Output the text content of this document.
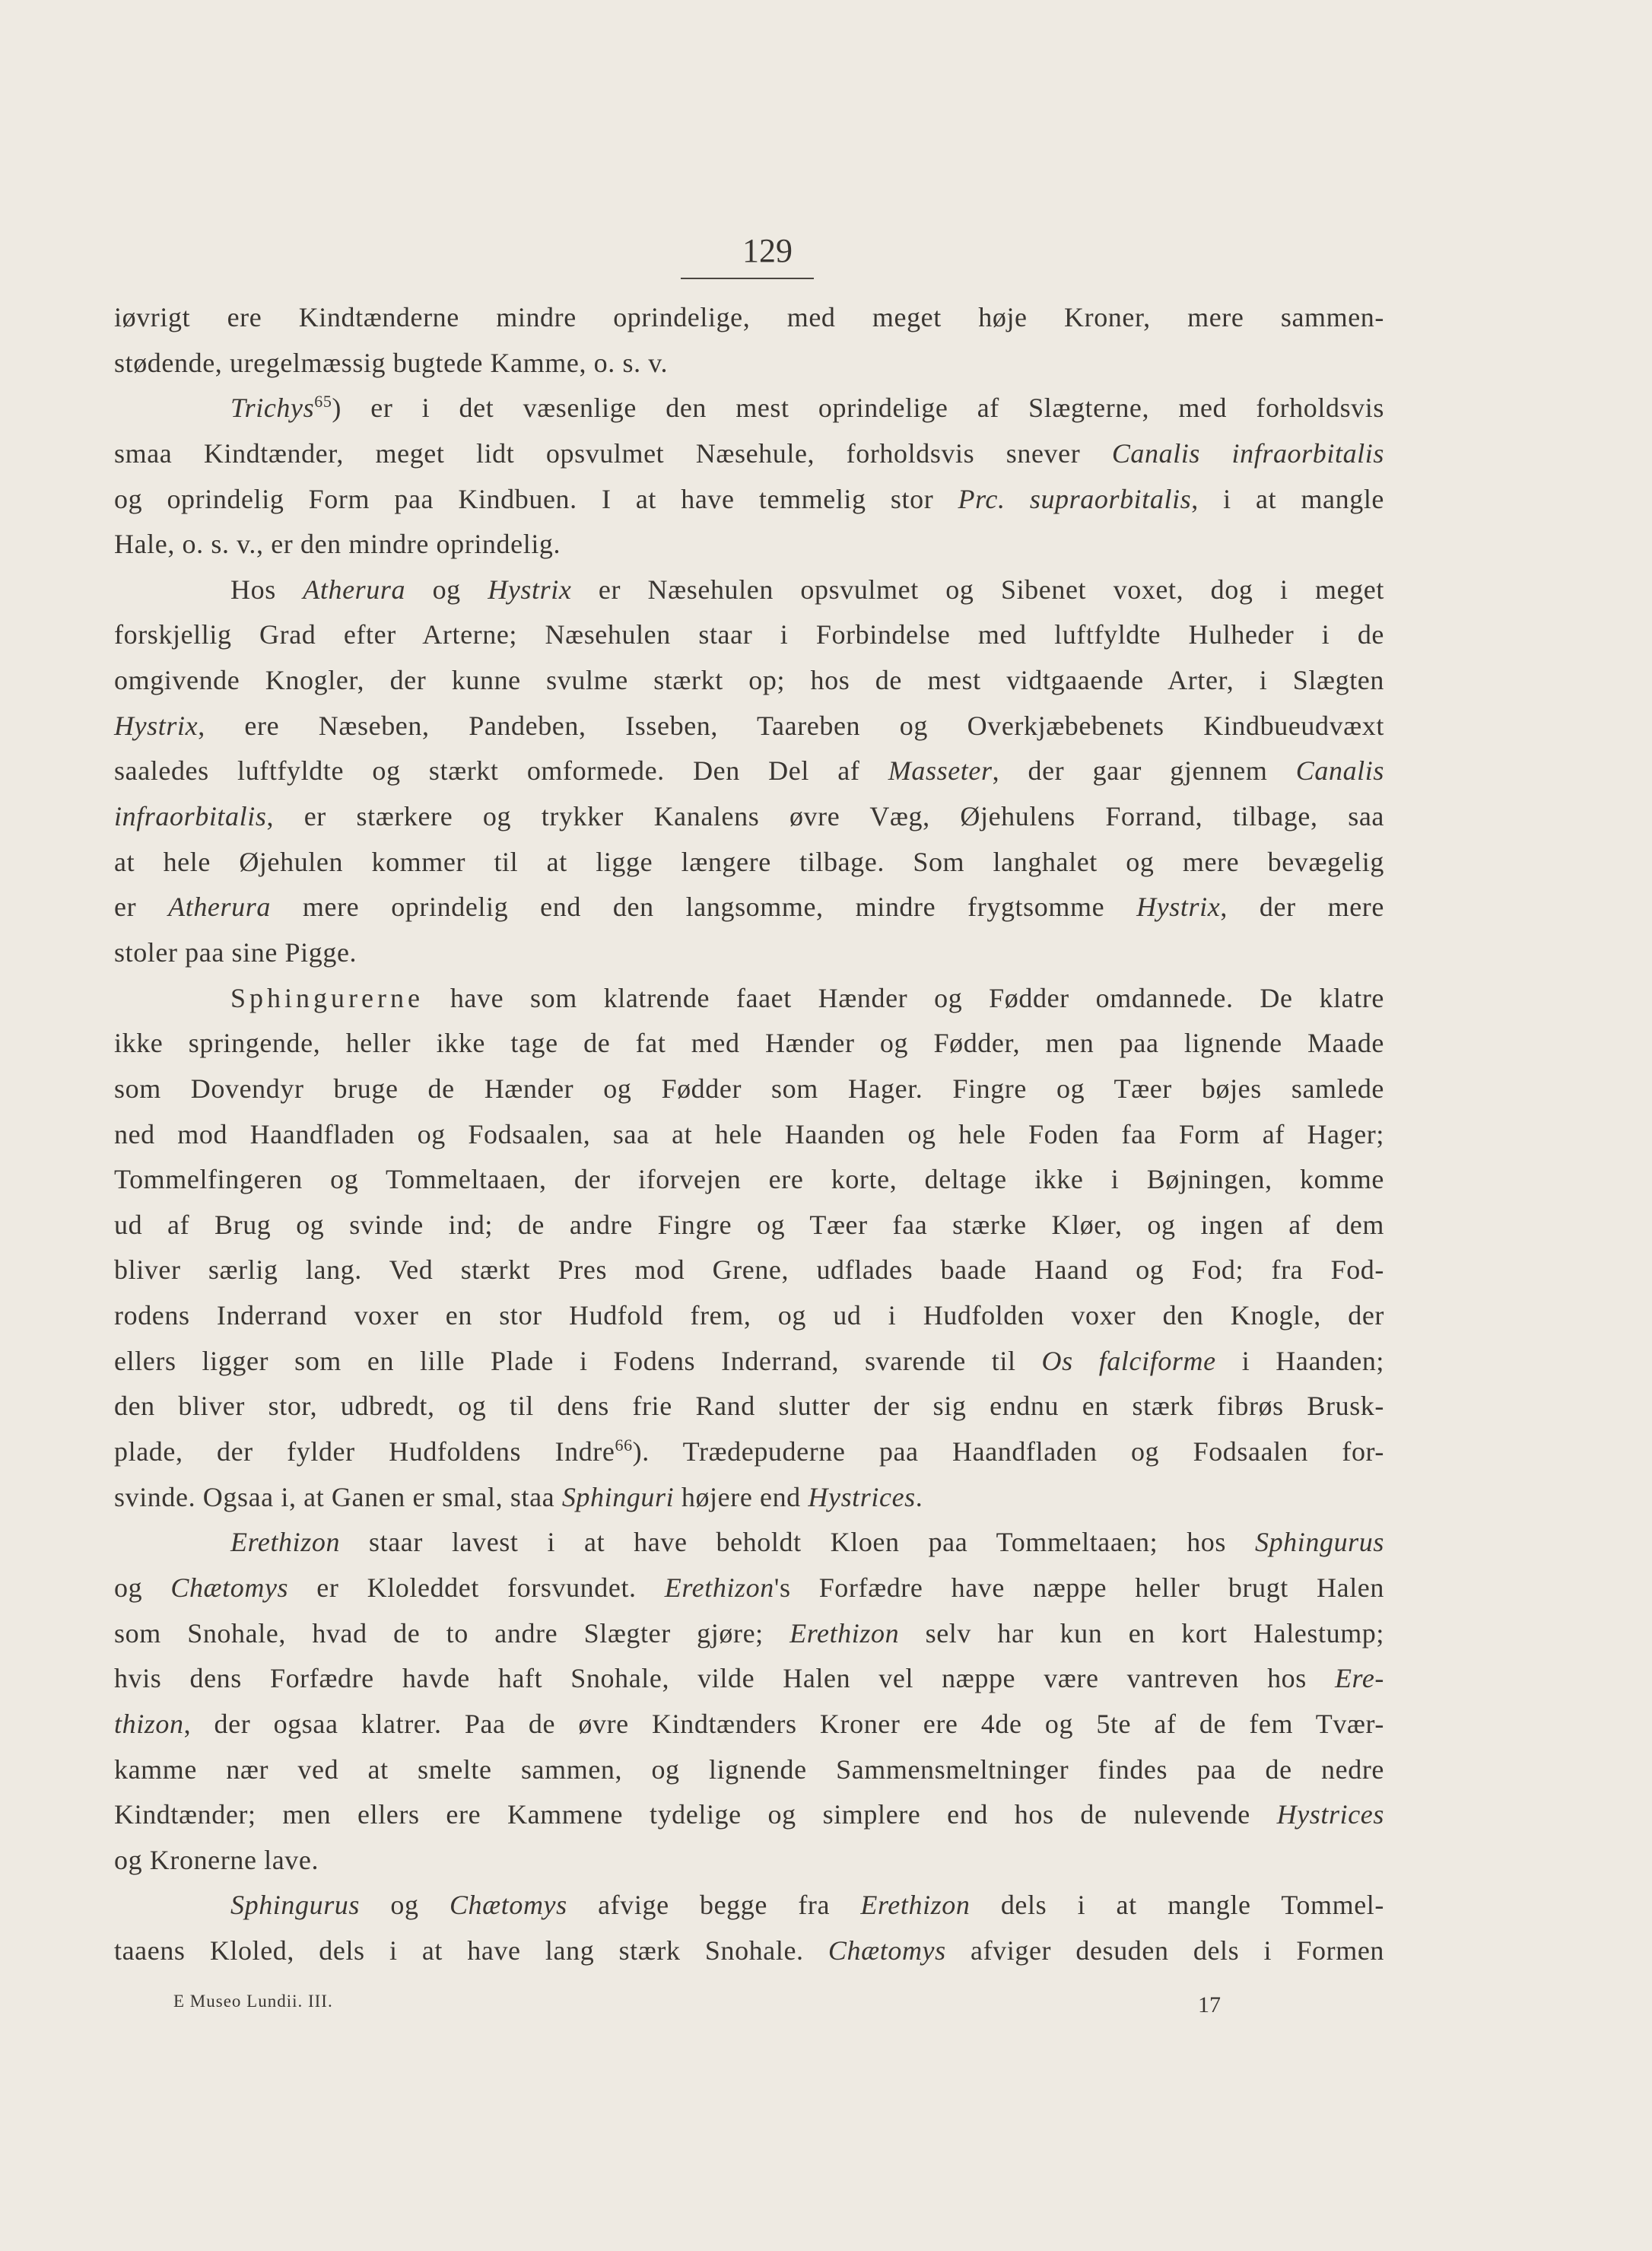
129
iøvrigt ere Kindtænderne mindre oprindelige, med meget høje Kroner, mere sammen-
stødende, uregelmæssig bugtede Kamme, o. s. v.
Trichys$^{65}$) er i det væsenlige den mest oprindelige af Slægterne, med forholdsvis
smaa Kindtænder, meget lidt opsvulmet Næsehule, forholdsvis snever Canalis infraorbitalis
og oprindelig Form paa Kindbuen. I at have temmelig stor Prc. supraorbitalis, i at mangle
Hale, o. s. v., er den mindre oprindelig.
Hos Atherura og Hystrix er Næsehulen opsvulmet og Sibenet voxet, dog i meget
forskjellig Grad efter Arterne; Næsehulen staar i Forbindelse med luftfyldte Hulheder i de
omgivende Knogler, der kunne svulme stærkt op; hos de mest vidtgaaende Arter, i Slægten
Hystrix, ere Næseben, Pandeben, Isseben, Taareben og Overkjæbebenets Kindbueudvæxt
saaledes luftfyldte og stærkt omformede. Den Del af Masseter, der gaar gjennem Canalis
infraorbitalis, er stærkere og trykker Kanalens øvre Væg, Øjehulens Forrand, tilbage, saa
at hele Øjehulen kommer til at ligge længere tilbage. Som langhalet og mere bevægelig
er Atherura mere oprindelig end den langsomme, mindre frygtsomme Hystrix, der mere
stoler paa sine Pigge.
Sphingurerne have som klatrende faaet Hænder og Fødder omdannede. De klatre
ikke springende, heller ikke tage de fat med Hænder og Fødder, men paa lignende Maade
som Dovendyr bruge de Hænder og Fødder som Hager. Fingre og Tæer bøjes samlede
ned mod Haandfladen og Fodsaalen, saa at hele Haanden og hele Foden faa Form af Hager;
Tommelfingeren og Tommeltaaen, der iforvejen ere korte, deltage ikke i Bøjningen, komme
ud af Brug og svinde ind; de andre Fingre og Tæer faa stærke Kløer, og ingen af dem
bliver særlig lang. Ved stærkt Pres mod Grene, udflades baade Haand og Fod; fra Fod-
rodens Inderrand voxer en stor Hudfold frem, og ud i Hudfolden voxer den Knogle, der
ellers ligger som en lille Plade i Fodens Inderrand, svarende til Os falciforme i Haanden;
den bliver stor, udbredt, og til dens frie Rand slutter der sig endnu en stærk fibrøs Brusk-
plade, der fylder Hudfoldens Indre$^{66}$). Trædepuderne paa Haandfladen og Fodsaalen for-
svinde. Ogsaa i, at Ganen er smal, staa Sphinguri højere end Hystrices.
Erethizon staar lavest i at have beholdt Kloen paa Tommeltaaen; hos Sphingurus
og Chætomys er Kloleddet forsvundet. Erethizon's Forfædre have næppe heller brugt Halen
som Snohale, hvad de to andre Slægter gjøre; Erethizon selv har kun en kort Halestump;
hvis dens Forfædre havde haft Snohale, vilde Halen vel næppe være vantreven hos Ere-
thizon, der ogsaa klatrer. Paa de øvre Kindtænders Kroner ere 4de og 5te af de fem Tvær-
kamme nær ved at smelte sammen, og lignende Sammensmeltninger findes paa de nedre
Kindtænder; men ellers ere Kammene tydelige og simplere end hos de nulevende Hystrices
og Kronerne lave.
Sphingurus og Chætomys afvige begge fra Erethizon dels i at mangle Tommel-
taaens Kloled, dels i at have lang stærk Snohale. Chætomys afviger desuden dels i Formen
E Museo Lundii. III.	17
